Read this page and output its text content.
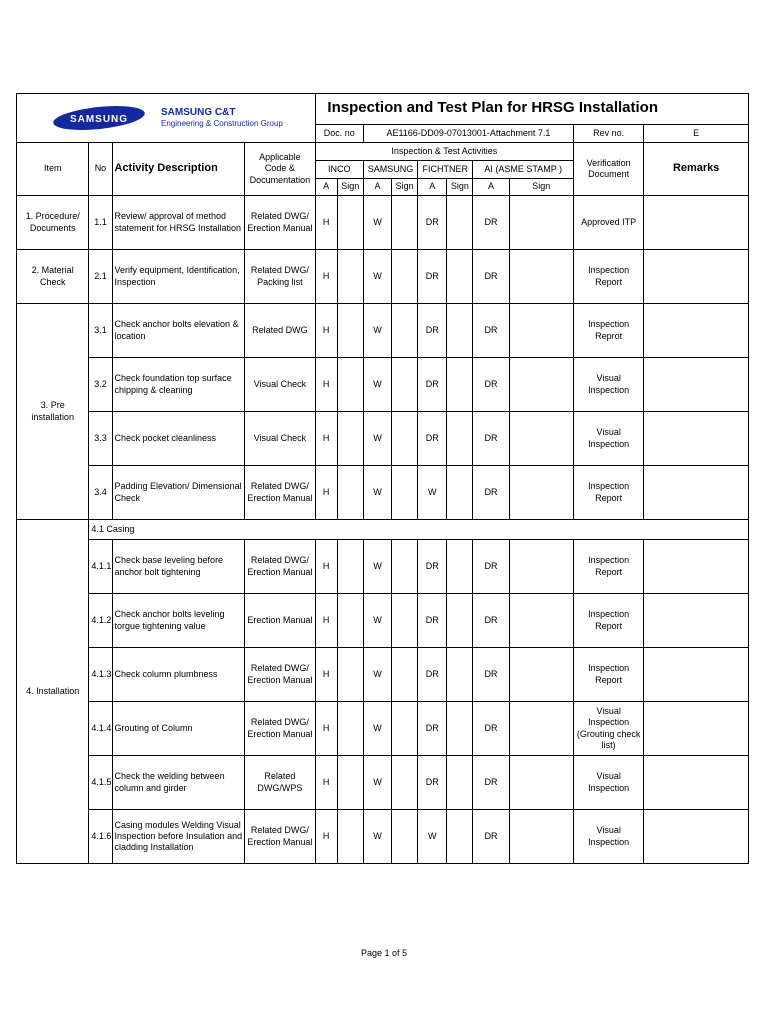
SAMSUNG
SAMSUNG C&T
Engineering & Construction Group				Inspection and Test Plan for HRSG Installation									
				Doc. no		AE1166-DD09-07013001-Attachment 7.1						Rev no.	E
Item	No	Activity Description	Applicable Code & Documentation	Inspection & Test Activities								Verification Document	Remarks
				INCO		SAMSUNG		FICHTNER		AI (ASME STAMP )			
				A	Sign	A	Sign	A	Sign	A	Sign		
1. Procedure/ Documents	1.1	Review/ approval of method statement for HRSG Installation	Related DWG/ Erection Manual	H		W		DR		DR		Approved ITP	
2. Material Check	2.1	Verify equipment, Identification, Inspection	Related DWG/ Packing list	H		W		DR		DR		Inspection Report	
3. Pre installation	3.1	Check anchor bolts elevation & location	Related DWG	H		W		DR		DR		Inspection Reprot	
	3.2	Check foundation top surface chipping & cleaning	Visual Check	H		W		DR		DR		Visual Inspection	
	3.3	Check pocket cleanliness	Visual Check	H		W		DR		DR		Visual Inspection	
	3.4	Padding Elevation/ Dimensional Check	Related DWG/ Erection Manual	H		W		W		DR		Inspection Report	
4. Installation	4.1 Casing												
	4.1.1	Check base leveling before anchor bolt tightening	Related DWG/ Erection Manual	H		W		DR		DR		Inspection Report	
	4.1.2	Check anchor bolts leveling torgue tightening value	Erection Manual	H		W		DR		DR		Inspection Report	
	4.1.3	Check column plumbness	Related DWG/ Erection Manual	H		W		DR		DR		Inspection Report	
	4.1.4	Grouting of Column	Related DWG/ Erection Manual	H		W		DR		DR		Visual Inspection (Grouting check list)	
	4.1.5	Check the welding between column and girder	Related DWG/WPS	H		W		DR		DR		Visual Inspection	
	4.1.6	Casing modules Welding Visual Inspection before Insulation and cladding Installation	Related DWG/ Erection Manual	H		W		W		DR		Visual Inspection	
Page 1 of 5
